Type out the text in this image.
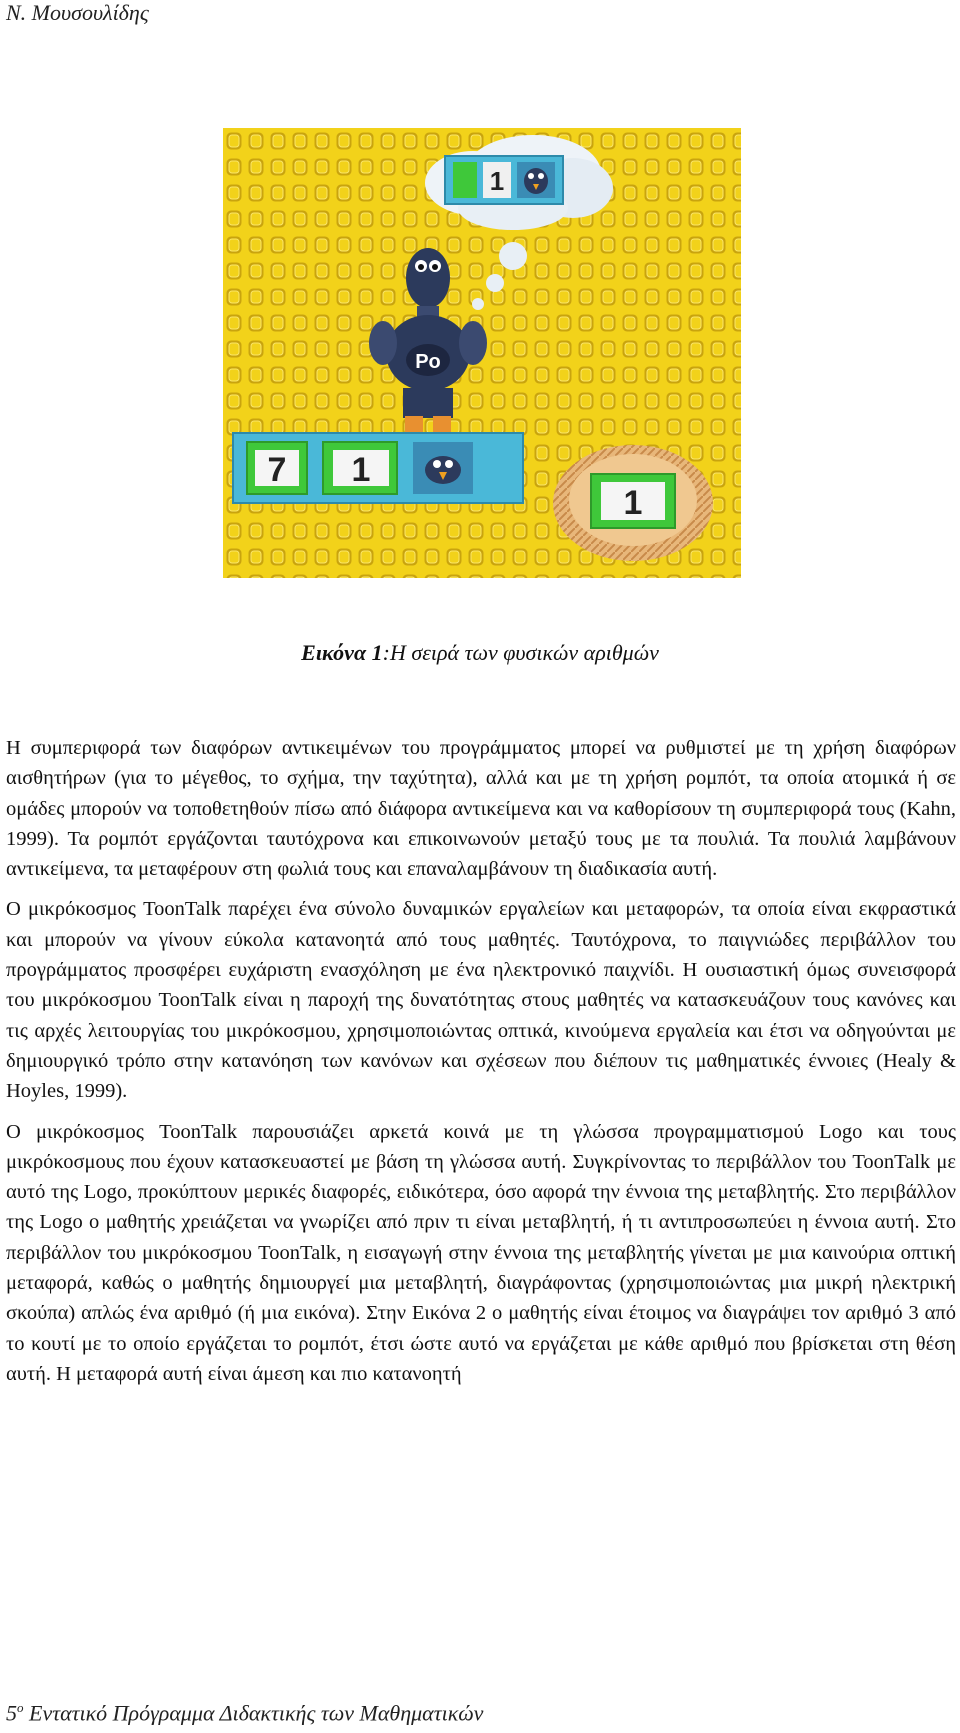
Ν. Μουσουλίδης
1
Po
7 1
1
Εικόνα 1:Η σειρά των φυσικών αριθμών

Η συμπεριφορά των διαφόρων αντικειμένων του προγράμματος μπορεί να ρυθμιστεί με τη χρήση διαφόρων αισθητήρων (για το μέγεθος, το σχήμα, την ταχύτητα), αλλά και με τη χρήση ρομπότ, τα οποία ατομικά ή σε ομάδες μπορούν να τοποθετηθούν πίσω από διάφορα αντικείμενα και να καθορίσουν τη συμπεριφορά τους (Kahn, 1999). Τα ρομπότ εργάζονται ταυτόχρονα και επικοινωνούν μεταξύ τους με τα πουλιά. Τα πουλιά λαμβάνουν αντικείμενα, τα μεταφέρουν στη φωλιά τους και επαναλαμβάνουν τη διαδικασία αυτή.

Ο μικρόκοσμος ToonTalk παρέχει ένα σύνολο δυναμικών εργαλείων και μεταφορών, τα οποία είναι εκφραστικά και μπορούν να γίνουν εύκολα κατανοητά από τους μαθητές. Ταυτόχρονα, το παιγνιώδες περιβάλλον του προγράμματος προσφέρει ευχάριστη ενασχόληση με ένα ηλεκτρονικό παιχνίδι. Η ουσιαστική όμως συνεισφορά του μικρόκοσμου ToonTalk είναι η παροχή της δυνατότητας στους μαθητές να κατασκευάζουν τους κανόνες και τις αρχές λειτουργίας του μικρόκοσμου, χρησιμοποιώντας οπτικά, κινούμενα εργαλεία και έτσι να οδηγούνται με δημιουργικό τρόπο στην κατανόηση των κανόνων και σχέσεων που διέπουν τις μαθηματικές έννοιες (Healy & Hoyles, 1999).

Ο μικρόκοσμος ToonTalk παρουσιάζει αρκετά κοινά με τη γλώσσα προγραμματισμού Logo και τους μικρόκοσμους που έχουν κατασκευαστεί με βάση τη γλώσσα αυτή. Συγκρίνοντας το περιβάλλον του ToonTalk με αυτό της Logo, προκύπτουν μερικές διαφορές, ειδικότερα, όσο αφορά την έννοια της μεταβλητής. Στο περιβάλλον της Logo ο μαθητής χρειάζεται να γνωρίζει από πριν τι είναι μεταβλητή, ή τι αντιπροσωπεύει η έννοια αυτή. Στο περιβάλλον του μικρόκοσμου ToonTalk, η εισαγωγή στην έννοια της μεταβλητής γίνεται με μια καινούρια οπτική μεταφορά, καθώς ο μαθητής δημιουργεί μια μεταβλητή, διαγράφοντας (χρησιμοποιώντας μια μικρή ηλεκτρική σκούπα) απλώς ένα αριθμό (ή μια εικόνα). Στην Εικόνα 2 ο μαθητής είναι έτοιμος να διαγράψει τον αριθμό 3 από το κουτί με το οποίο εργάζεται το ρομπότ, έτσι ώστε αυτό να εργάζεται με κάθε αριθμό που βρίσκεται στη θέση αυτή. Η μεταφορά αυτή είναι άμεση και πιο κατανοητή

$5^o$ Εντατικό Πρόγραμμα Διδακτικής των Μαθηματικών
